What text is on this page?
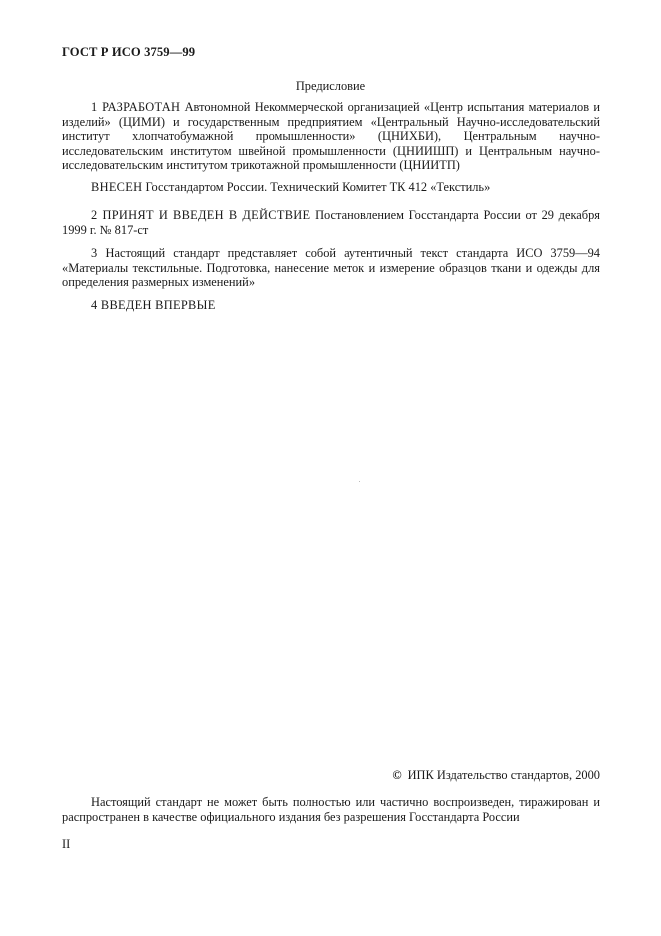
ГОСТ Р ИСО 3759—99
Предисловие

1 РАЗРАБОТАН Автономной Некоммерческой организацией «Центр испытания материалов и изделий» (ЦИМИ) и государственным предприятием «Центральный Научно-исследовательский институт хлопчатобумажной промышленности» (ЦНИХБИ), Центральным научно-исследовательским институтом швейной промышленности (ЦНИИШП) и Центральным научно-исследовательским институтом трикотажной промышленности (ЦНИИТП)

ВНЕСЕН Госстандартом России. Технический Комитет ТК 412 «Текстиль»

2 ПРИНЯТ И ВВЕДЕН В ДЕЙСТВИЕ Постановлением Госстандарта России от 29 декабря 1999 г. № 817-ст

3 Настоящий стандарт представляет собой аутентичный текст стандарта ИСО 3759—94 «Материалы текстильные. Подготовка, нанесение меток и измерение образцов ткани и одежды для определения размерных изменений»

4 ВВЕДЕН ВПЕРВЫЕ

© ИПК Издательство стандартов, 2000

Настоящий стандарт не может быть полностью или частично воспроизведен, тиражирован и распространен в качестве официального издания без разрешения Госстандарта России

II
